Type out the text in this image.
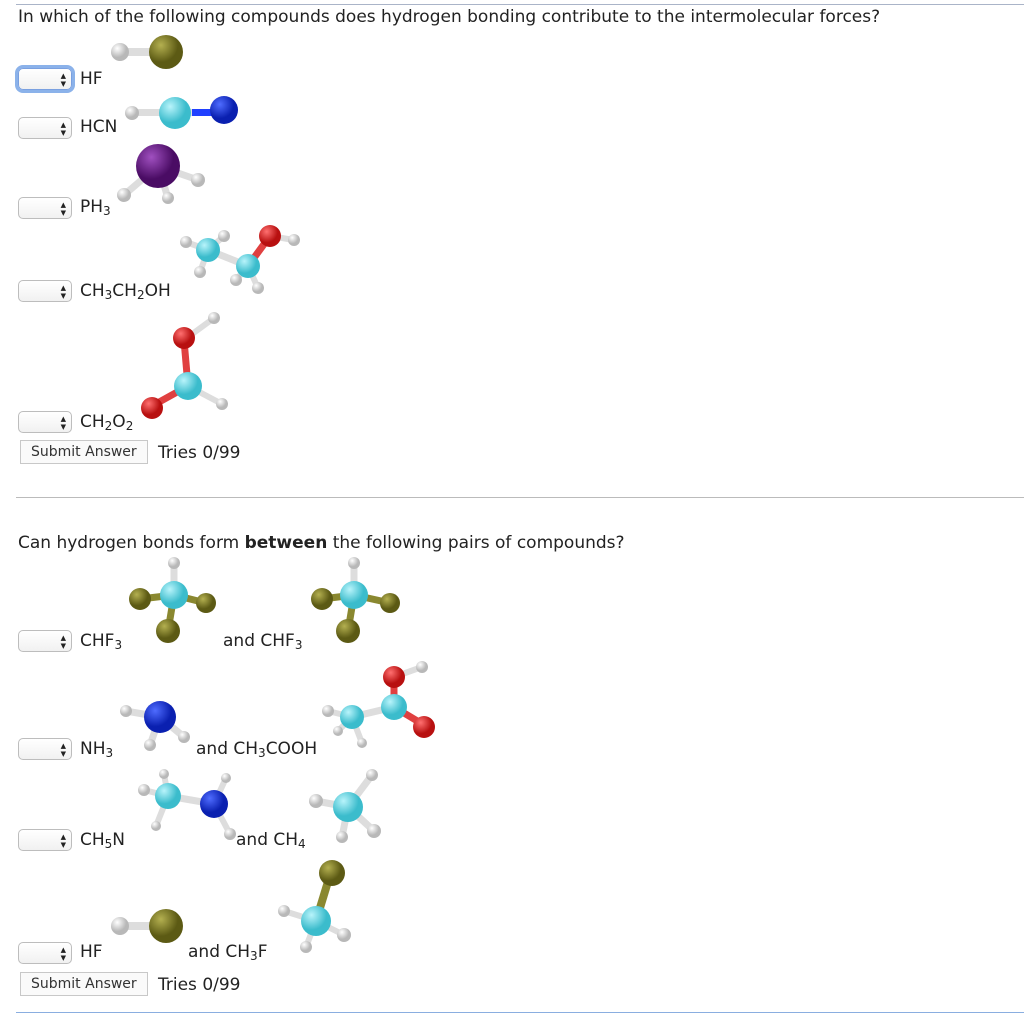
In which of the following compounds does hydrogen bonding contribute to the intermolecular forces?
▲
▼ HF
▲
▼ HCN
▲
▼ $PH_3$
▲
▼ $CH_3CH_2OH$
▲
▼ $CH_2O_2$
Submit Answer	Tries 0/99
Can hydrogen bonds form between the following pairs of compounds?
▲
▼ $CHF_3$	and $CHF_3$
▲
▼ $NH_3$	and $CH_3COOH$
▲
▼ $CH_5N$	and $CH_4$
▲
▼ HF	and $CH_3F$
Submit Answer	Tries 0/99
